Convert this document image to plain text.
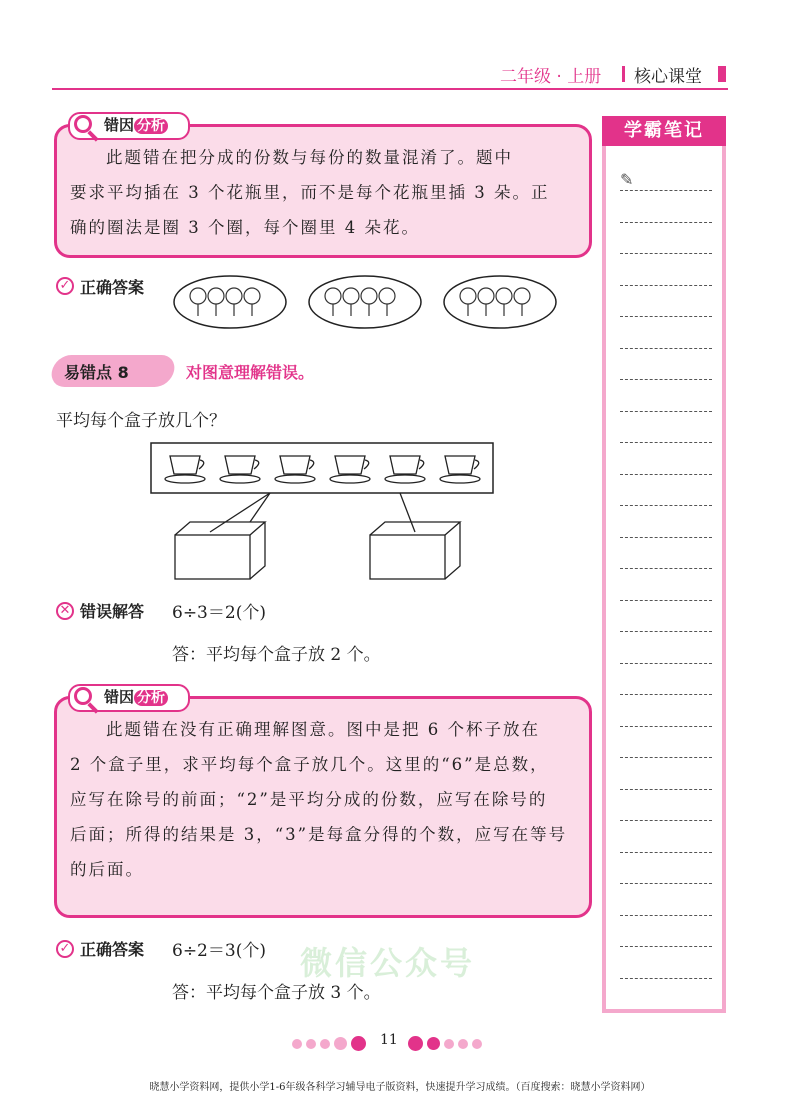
二年级 · 上册 核心课堂
微信公众号
错因 分析
此题错在把分成的份数与每份的数量混淆了。题中
要求平均插在 3 个花瓶里，而不是每个花瓶里插 3 朵。正
确的圈法是圈 3 个圈，每个圈里 4 朵花。
✓ 正确答案
易错点 8	对图意理解错误。
平均每个盒子放几个？
✕ 错误解答 6÷3＝2(个)
答：平均每个盒子放 2 个。
错因 分析
此题错在没有正确理解图意。图中是把 6 个杯子放在
2 个盒子里，求平均每个盒子放几个。这里的“6”是总数，
应写在除号的前面；“2”是平均分成的份数，应写在除号的
后面；所得的结果是 3，“3”是每盒分得的个数，应写在等号
的后面。
✓ 正确答案 6÷2＝3(个)
答：平均每个盒子放 3 个。
学霸笔记
✎
11
晓慧小学资料网，提供小学1-6年级各科学习辅导电子版资料，快速提升学习成绩。（百度搜索：晓慧小学资料网）
